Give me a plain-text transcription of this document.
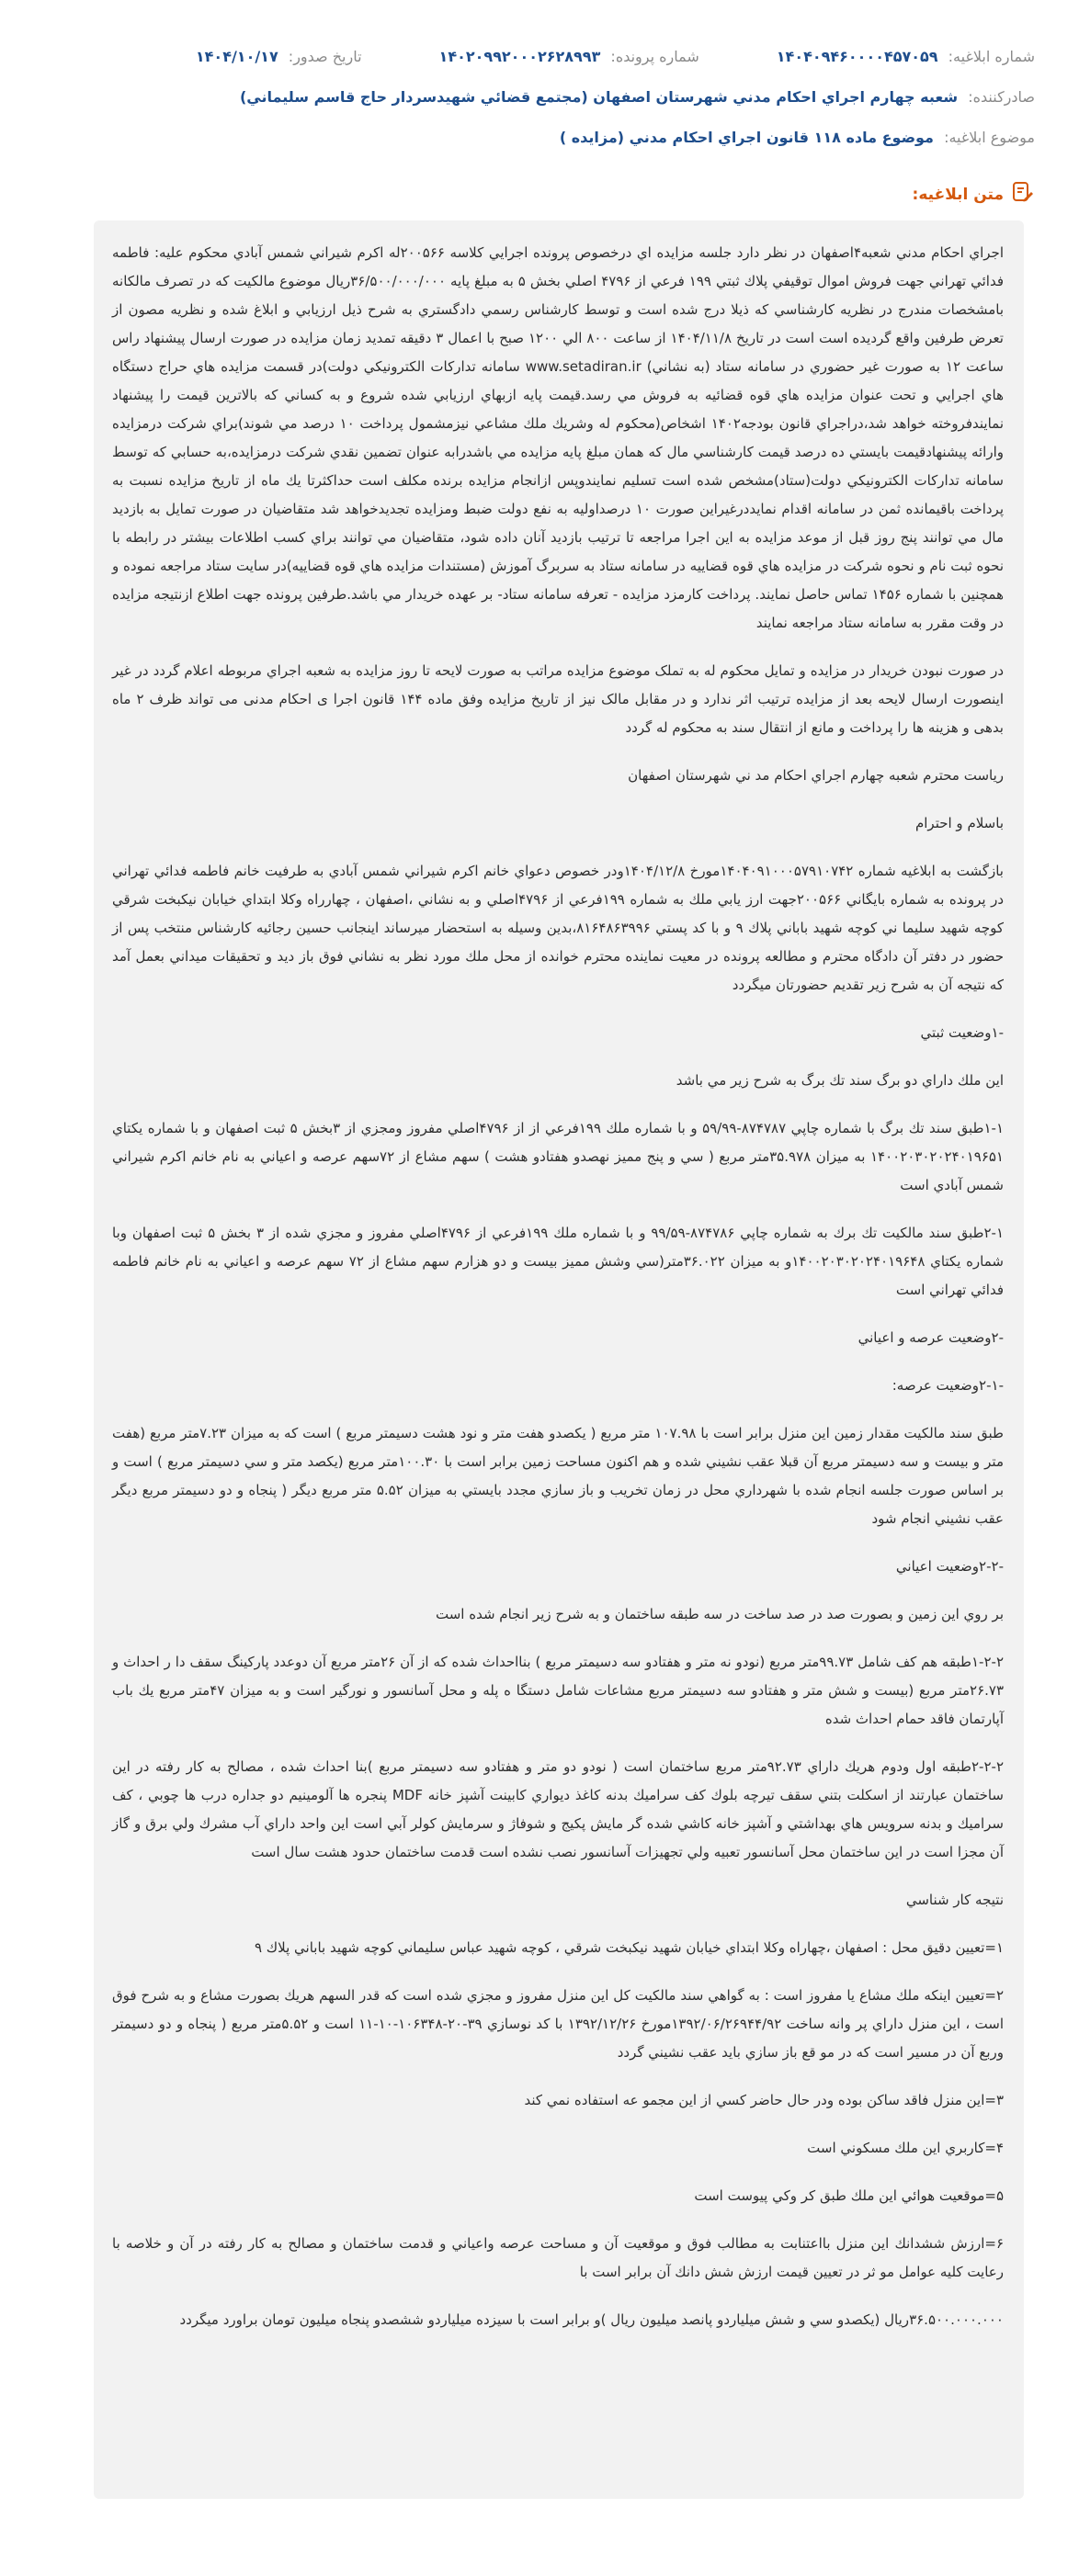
شماره ابلاغیه: ۱۴۰۴۰۹۴۶۰۰۰۰۴۵۷۰۵۹
شماره پرونده: ۱۴۰۲۰۹۹۲۰۰۰۲۶۲۸۹۹۳
تاریخ صدور: ۱۴۰۴/۱۰/۱۷
صادرکننده: شعبه چهارم اجراي احكام مدني شهرستان اصفهان (مجتمع قضائي شهيدسردار حاج قاسم سليماني)
موضوع ابلاغیه: موضوع ماده ۱۱۸ قانون اجراي احكام مدني (مزايده )
متن ابلاغیه:

اجراي احكام مدني شعبه۴اصفهان در نظر دارد جلسه مزايده اي درخصوص پرونده اجرايي كلاسه ۲۰۰۵۶۶له اكرم شيراني شمس آبادي محكوم عليه: فاطمه فدائي تهراني جهت فروش اموال توقيفي پلاك ثبتي ۱۹۹ فرعي از ۴۷۹۶ اصلي بخش ۵ به مبلغ پايه ۳۶/۵۰۰/۰۰۰/۰۰۰ريال موضوع مالكيت كه در تصرف مالكانه بامشخصات مندرج در نظريه كارشناسي كه ذيلا درج شده است و توسط كارشناس رسمي دادگستري به شرح ذيل ارزيابي و ابلاغ شده و نظريه مصون از تعرض طرفين واقع گرديده است است در تاريخ ۱۴۰۴/۱۱/۸ از ساعت ۸۰۰ الي ۱۲۰۰ صبح با اعمال ۳ دقيقه تمديد زمان مزايده در صورت ارسال پيشنهاد راس ساعت ۱۲ به صورت غير حضوري در سامانه ستاد (به نشاني) www.setadiran.ir سامانه تداركات الكترونيكي دولت)در قسمت مزايده هاي حراج دستگاه هاي اجرايي و تحت عنوان مزايده هاي قوه قضائيه به فروش مي رسد.قيمت پايه ازبهاي ارزيابي شده شروع و به كساني كه بالاترين قيمت را پيشنهاد نمايندفروخته خواهد شد،دراجراي قانون بودجه۱۴۰۲ اشخاص(محكوم له وشريك ملك مشاعي نيزمشمول پرداخت ۱۰ درصد مي شوند)براي شركت درمزايده وارائه پيشنهادقيمت بايستي ده درصد قيمت كارشناسي مال كه همان مبلغ پايه مزايده مي باشدرابه عنوان تضمين نقدي شركت درمزايده،به حسابي كه توسط سامانه تداركات الكترونيكي دولت(ستاد)مشخص شده است تسليم نمايندوپس ازانجام مزايده برنده مكلف است حداكثرتا يك ماه از تاريخ مزايده نسبت به پرداخت باقيمانده ثمن در سامانه اقدام نمايددرغيراين صورت ۱۰ درصداوليه به نفع دولت ضبط ومزايده تجديدخواهد شد متقاضيان در صورت تمايل به بازديد مال مي توانند پنج روز قبل از موعد مزايده به اين اجرا مراجعه تا ترتيب بازديد آنان داده شود، متقاضيان مي توانند براي كسب اطلاعات بيشتر در رابطه با نحوه ثبت نام و نحوه شركت در مزايده هاي قوه قضاييه در سامانه ستاد به سربرگ آموزش (مستندات مزايده هاي قوه قضاييه)در سايت ستاد مراجعه نموده و همچنين با شماره ۱۴۵۶ تماس حاصل نمايند. پرداخت كارمزد مزايده - تعرفه سامانه ستاد- بر عهده خريدار مي باشد.طرفين پرونده جهت اطلاع ازنتيجه مزايده در وقت مقرر به سامانه ستاد مراجعه نمايند

در صورت نبودن خريدار در مزايده و تمايل محكوم له به تملک موضوع مزايده مراتب به صورت لايحه تا روز مزايده به شعبه اجراي مربوطه اعلام گردد در غير اينصورت ارسال لايحه بعد از مزايده ترتيب اثر ندارد و در مقابل مالک نيز از تاريخ مزايده وفق ماده ۱۴۴ قانون اجرا ی احکام مدنی می تواند ظرف ۲ ماه بدهی و هزينه ها را پرداخت و مانع از انتقال سند به محکوم له گردد

رياست محترم شعبه چهارم اجراي احكام مد ني شهرستان اصفهان

باسلام و احترام

بازگشت به ابلاغيه شماره ۱۴۰۴۰۹۱۰۰۰۵۷۹۱۰۷۴۲مورخ ۱۴۰۴/۱۲/۸ودر خصوص دعواي خانم اكرم شيراني شمس آبادي به طرفيت خانم فاطمه فدائي تهراني در پرونده به شماره بايگاني ۲۰۰۵۶۶جهت ارز يابي ملك به شماره ۱۹۹فرعي از ۴۷۹۶اصلي و به نشاني ،اصفهان ، چهارراه وكلا ابتداي خيابان نيكبخت شرقي كوچه شهيد سليما ني كوچه شهيد باباني پلاك ۹ و با كد پستي ۸۱۶۴۸۶۳۹۹۶،بدين وسيله به استحضار ميرساند اينجانب حسين رجائيه كارشناس منتخب پس از حضور در دفتر آن دادگاه محترم و مطالعه پرونده در معيت نماينده محترم خوانده از محل ملك مورد نظر به نشاني فوق باز ديد و تحقيقات ميداني بعمل آمد كه نتيجه آن به شرح زير تقديم حضورتان ميگردد

-۱وضعيت ثبتي

اين ملك داراي دو برگ سند تك برگ به شرح زير مي باشد

۱-۱طبق سند تك برگ با شماره چاپي ۸۷۴۷۸۷-۵۹/۹۹ و با شماره ملك ۱۹۹فرعي از از ۴۷۹۶اصلي مفروز ومجزي از ۳بخش ۵ ثبت اصفهان و با شماره يكتاي ۱۴۰۰۲۰۳۰۲۰۲۴۰۱۹۶۵۱ به ميزان ۳۵.۹۷۸متر مربع ( سي و پنج مميز نهصدو هفتادو هشت ) سهم مشاع از ۷۲سهم عرصه و اعياني به نام خانم اكرم شيراني شمس آبادي است

۲-۱طبق سند مالكيت تك برك به شماره چاپي ۸۷۴۷۸۶-۹۹/۵۹ و با شماره ملك ۱۹۹فرعي از ۴۷۹۶اصلي مفروز و مجزي شده از ۳ بخش ۵ ثبت اصفهان وبا شماره يكتاي ۱۴۰۰۲۰۳۰۲۰۲۴۰۱۹۶۴۸و به ميزان ۳۶.۰۲۲متر(سي وشش مميز بيست و دو هزارم سهم مشاع از ۷۲ سهم عرصه و اعياني به نام خانم فاطمه فدائي تهراني است

-۲وضعيت عرصه و اعياني

-۲-۱وضعيت عرصه:

طبق سند مالكيت مقدار زمين اين منزل برابر است با ۱۰۷.۹۸ متر مربع ( يكصدو هفت متر و نود هشت دسيمتر مربع ) است كه به ميزان ۷.۲۳متر مربع (هفت متر و بيست و سه دسيمتر مربع آن قبلا عقب نشيني شده و هم اكنون مساحت زمين برابر است با ۱۰۰.۳۰متر مربع (يكصد متر و سي دسيمتر مربع ) است و بر اساس صورت جلسه انجام شده با شهرداري محل در زمان تخريب و باز سازي مجدد بايستي به ميزان ۵.۵۲ متر مربع ديگر ( پنجاه و دو دسيمتر مربع ديگر عقب نشيني انجام شود

-۲-۲وضعيت اعياني

بر روي اين زمين و بصورت صد در صد ساخت در سه طبقه ساختمان و به شرح زير انجام شده است

۱-۲-۲طبقه هم كف شامل ۹۹.۷۳متر مربع (نودو نه متر و هفتادو سه دسيمتر مربع ) بنااحداث شده كه از آن ۲۶متر مربع آن دوعدد پاركينگ سقف دا ر احداث و ۲۶.۷۳متر مربع (بيست و شش متر و هفتادو سه دسيمتر مربع مشاعات شامل دستگا ه پله و محل آسانسور و نورگير است و به ميزان ۴۷متر مربع يك باب آپارتمان فاقد حمام احداث شده

۲-۲-۲طبقه اول ودوم هريك داراي ۹۲.۷۳متر مربع ساختمان است ( نودو دو متر و هفتادو سه دسيمتر مربع )بنا احداث شده ، مصالح به كار رفته در اين ساختمان عبارتند از اسكلت بتني سقف تيرچه بلوك كف سراميك بدنه كاغذ ديواري كابينت آشپز خانه MDF پنجره ها آلومينيم دو جداره درب ها چوبي ، كف سراميك و بدنه سرويس هاي بهداشتي و آشپز خانه كاشي شده گر مايش پكيج و شوفاژ و سرمايش كولر آبي است اين واحد داراي آب مشرك ولي برق و گاز آن مجزا است در اين ساختمان محل آسانسور تعبيه ولي تجهيزات آسانسور نصب نشده است قدمت ساختمان حدود هشت سال است

نتيجه كار شناسي

۱=تعيين دقيق محل : اصفهان ،چهاراه وكلا ابتداي خيابان شهيد نيكبخت شرقي ، كوچه شهيد عباس سليماني كوچه شهيد باباني پلاك ۹

۲=تعيين اينكه ملك مشاع يا مفروز است : به گواهي سند مالكيت كل اين منزل مفروز و مجزي شده است كه قدر السهم هريك بصورت مشاع و به شرح فوق است ، اين منزل داراي پر وانه ساخت ۱۳۹۲/۰۶/۲۶۹۴۴/۹۲مورخ ۱۳۹۲/۱۲/۲۶ با كد نوسازي ۳۹-۲۰-۱۰۶۳۴۸-۱۰-۱۱ است و ۵.۵۲متر مربع ( پنجاه و دو دسيمتر وربع آن در مسير است كه در مو قع باز سازي بايد عقب نشيني گردد

۳=اين منزل فاقد ساكن بوده ودر حال حاضر كسي از اين مجمو عه استفاده نمي كند

۴=كاربري اين ملك مسكوني است

۵=موقعيت هوائي اين ملك طبق كر وكي پيوست است

۶=ارزش ششدانك اين منزل بااعتنابت به مطالب فوق و موقعيت آن و مساحت عرصه واعياني و قدمت ساختمان و مصالح به كار رفته در آن و خلاصه با رعايت كليه عوامل مو ثر در تعيين قيمت ارزش شش دانك آن برابر است با

۳۶.۵۰۰.۰۰۰.۰۰۰ريال (يكصدو سي و شش ميلياردو پانصد ميليون ريال )و برابر است با سيزده ميلياردو ششصدو پنجاه ميليون تومان براورد ميگردد
